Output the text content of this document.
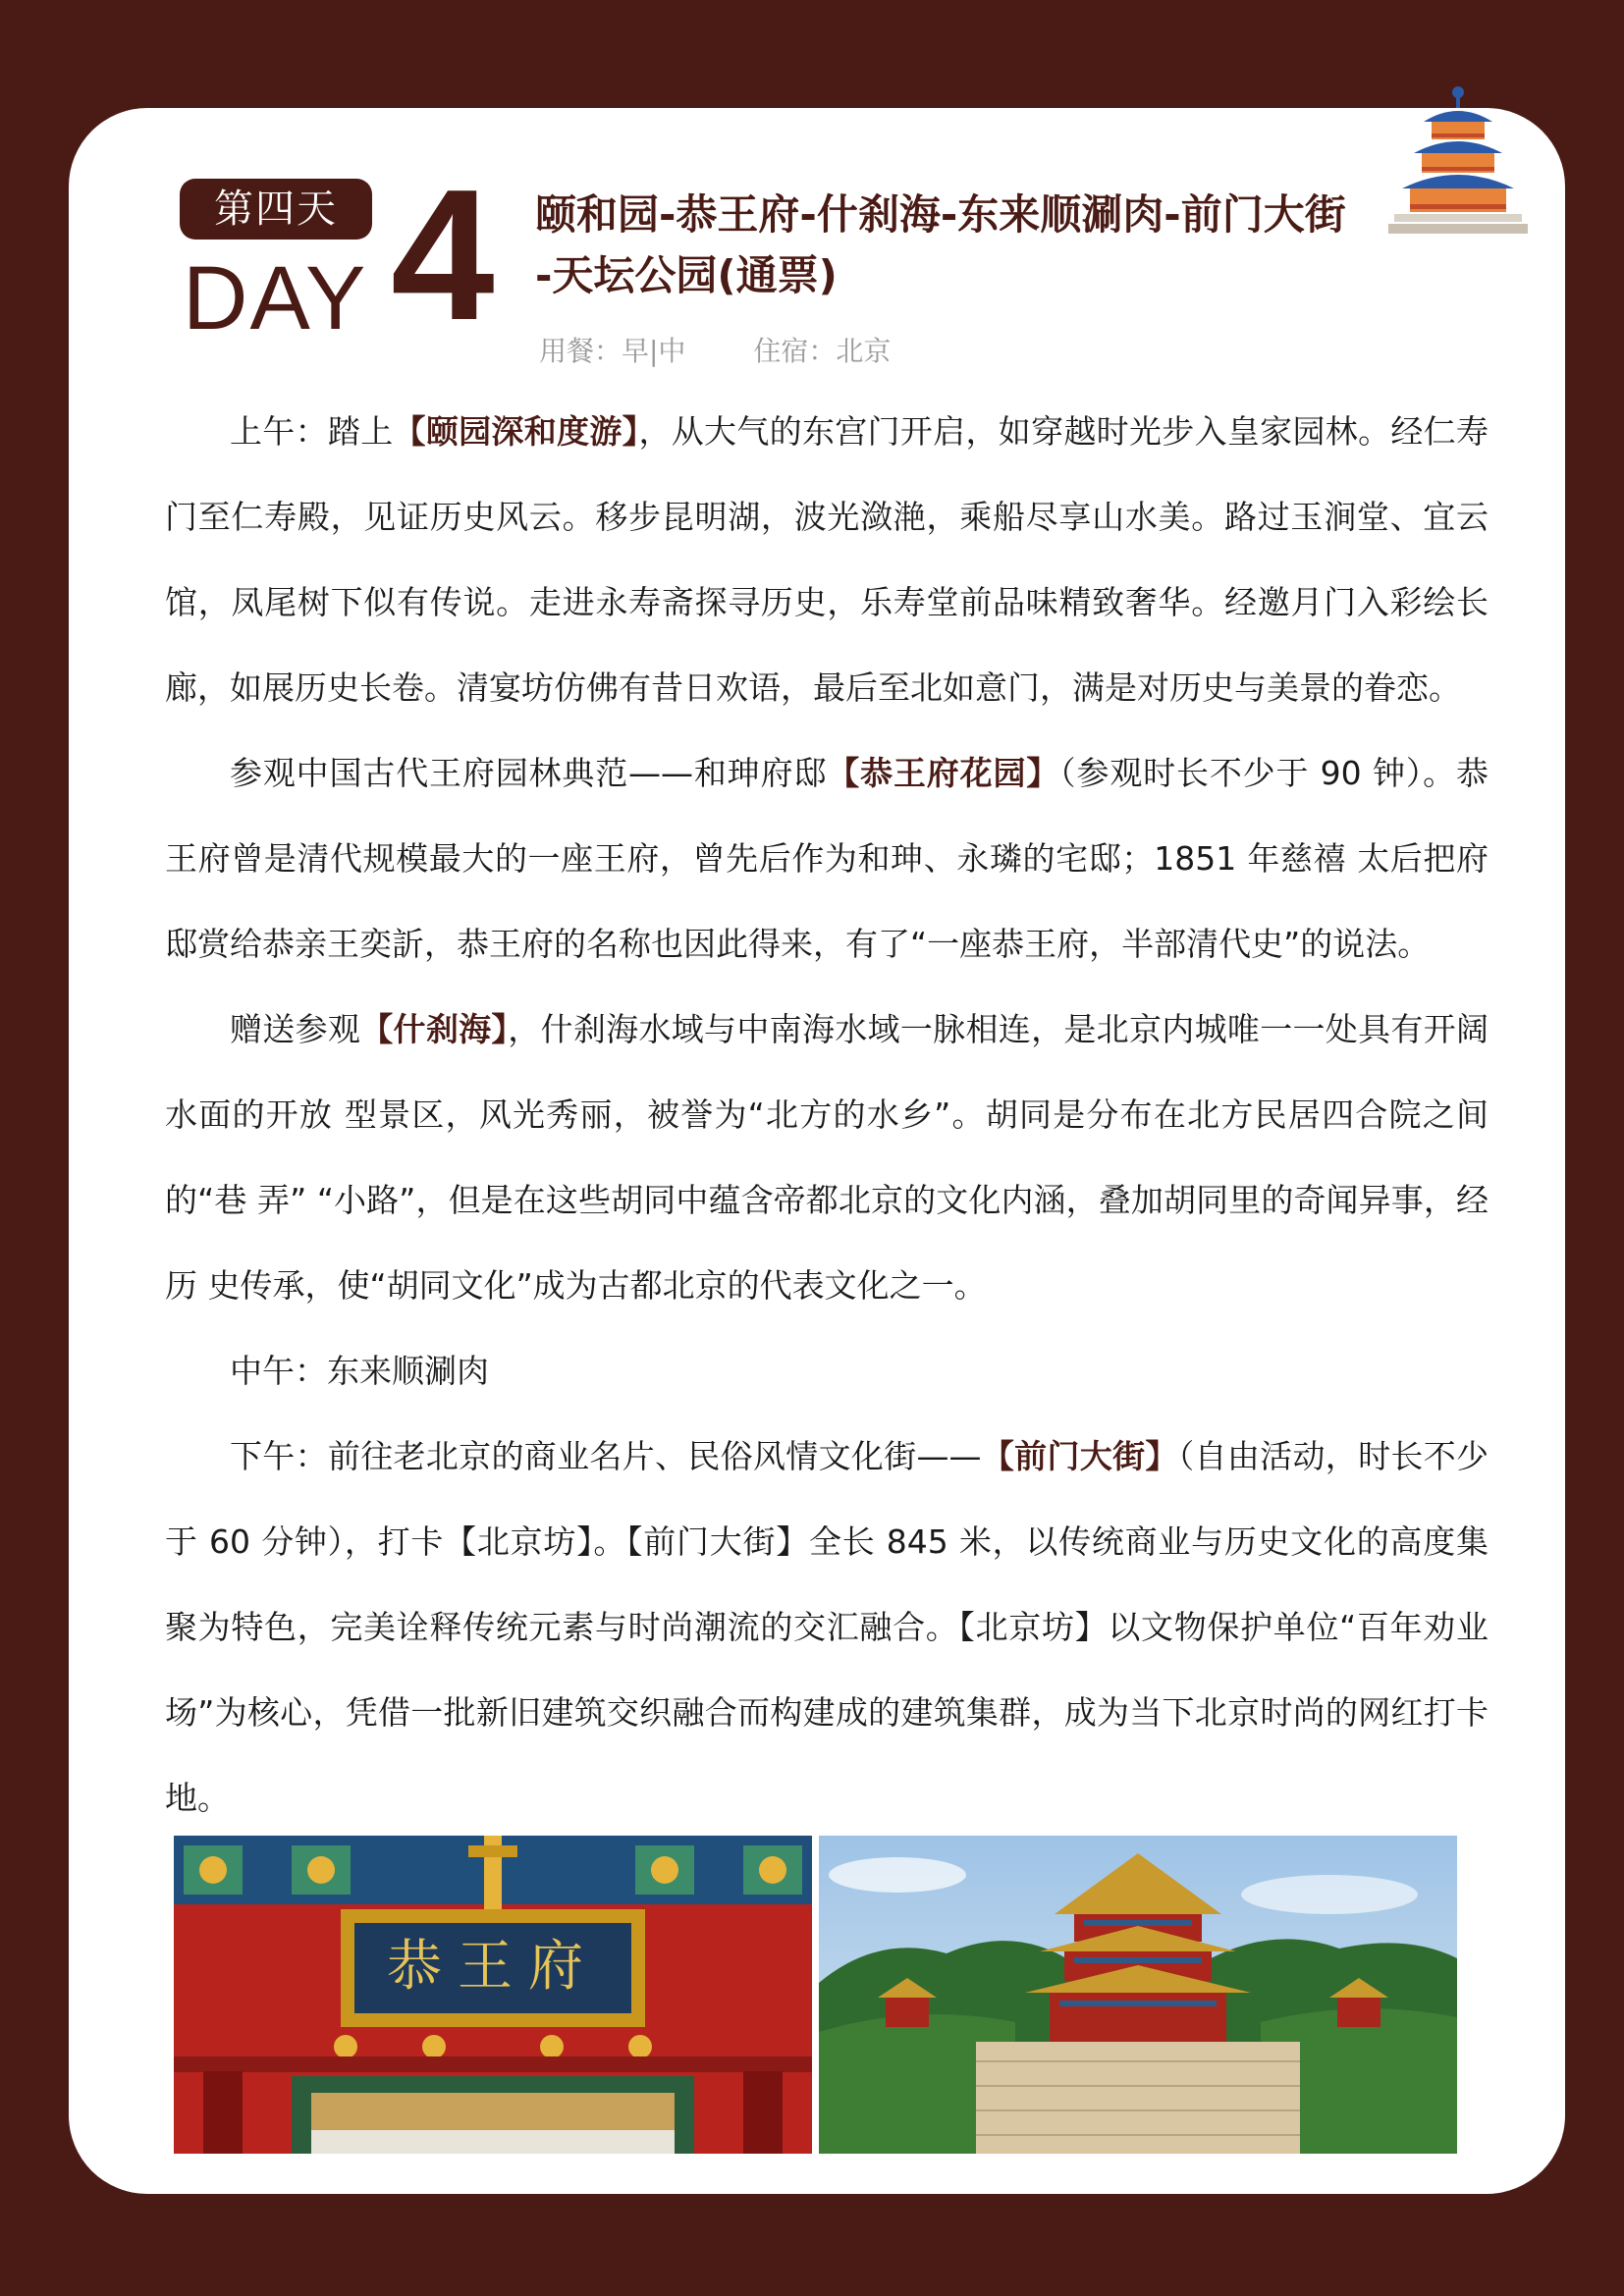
第四天
DAY 4 颐和园-恭王府-什刹海-东来顺涮肉-前门大街
-天坛公园(通票)
用餐：早|中 住宿：北京

上午：踏上【颐园深和度游】，从大气的东宫门开启，如穿越时光步入皇家园林。经仁寿门至仁寿殿，见证历史风云。移步昆明湖，波光潋滟，乘船尽享山水美。路过玉涧堂、宜云馆，凤尾树下似有传说。走进永寿斋探寻历史，乐寿堂前品味精致奢华。经邀月门入彩绘长廊，如展历史长卷。清宴坊仿佛有昔日欢语，最后至北如意门，满是对历史与美景的眷恋。

参观中国古代王府园林典范——和珅府邸【恭王府花园】（参观时长不少于 90 钟）。恭王府曾是清代规模最大的一座王府，曾先后作为和珅、永璘的宅邸；1851 年慈禧 太后把府邸赏给恭亲王奕訢，恭王府的名称也因此得来，有了“一座恭王府，半部清代史”的说法。

赠送参观【什刹海】，什刹海水域与中南海水域一脉相连，是北京内城唯一一处具有开阔水面的开放 型景区，风光秀丽，被誉为“北方的水乡”。胡同是分布在北方民居四合院之间的“巷 弄” “小路”，但是在这些胡同中蕴含帝都北京的文化内涵，叠加胡同里的奇闻异事，经历 史传承，使“胡同文化”成为古都北京的代表文化之一。

中午：东来顺涮肉

下午：前往老北京的商业名片、民俗风情文化街——【前门大街】（自由活动，时长不少于 60 分钟），打卡【北京坊】。【前门大街】全长 845 米，以传统商业与历史文化的高度集聚为特色，完美诠释传统元素与时尚潮流的交汇融合。【北京坊】以文物保护单位“百年劝业场”为核心，凭借一批新旧建筑交织融合而构建成的建筑集群，成为当下北京时尚的网红打卡地。

恭王府
